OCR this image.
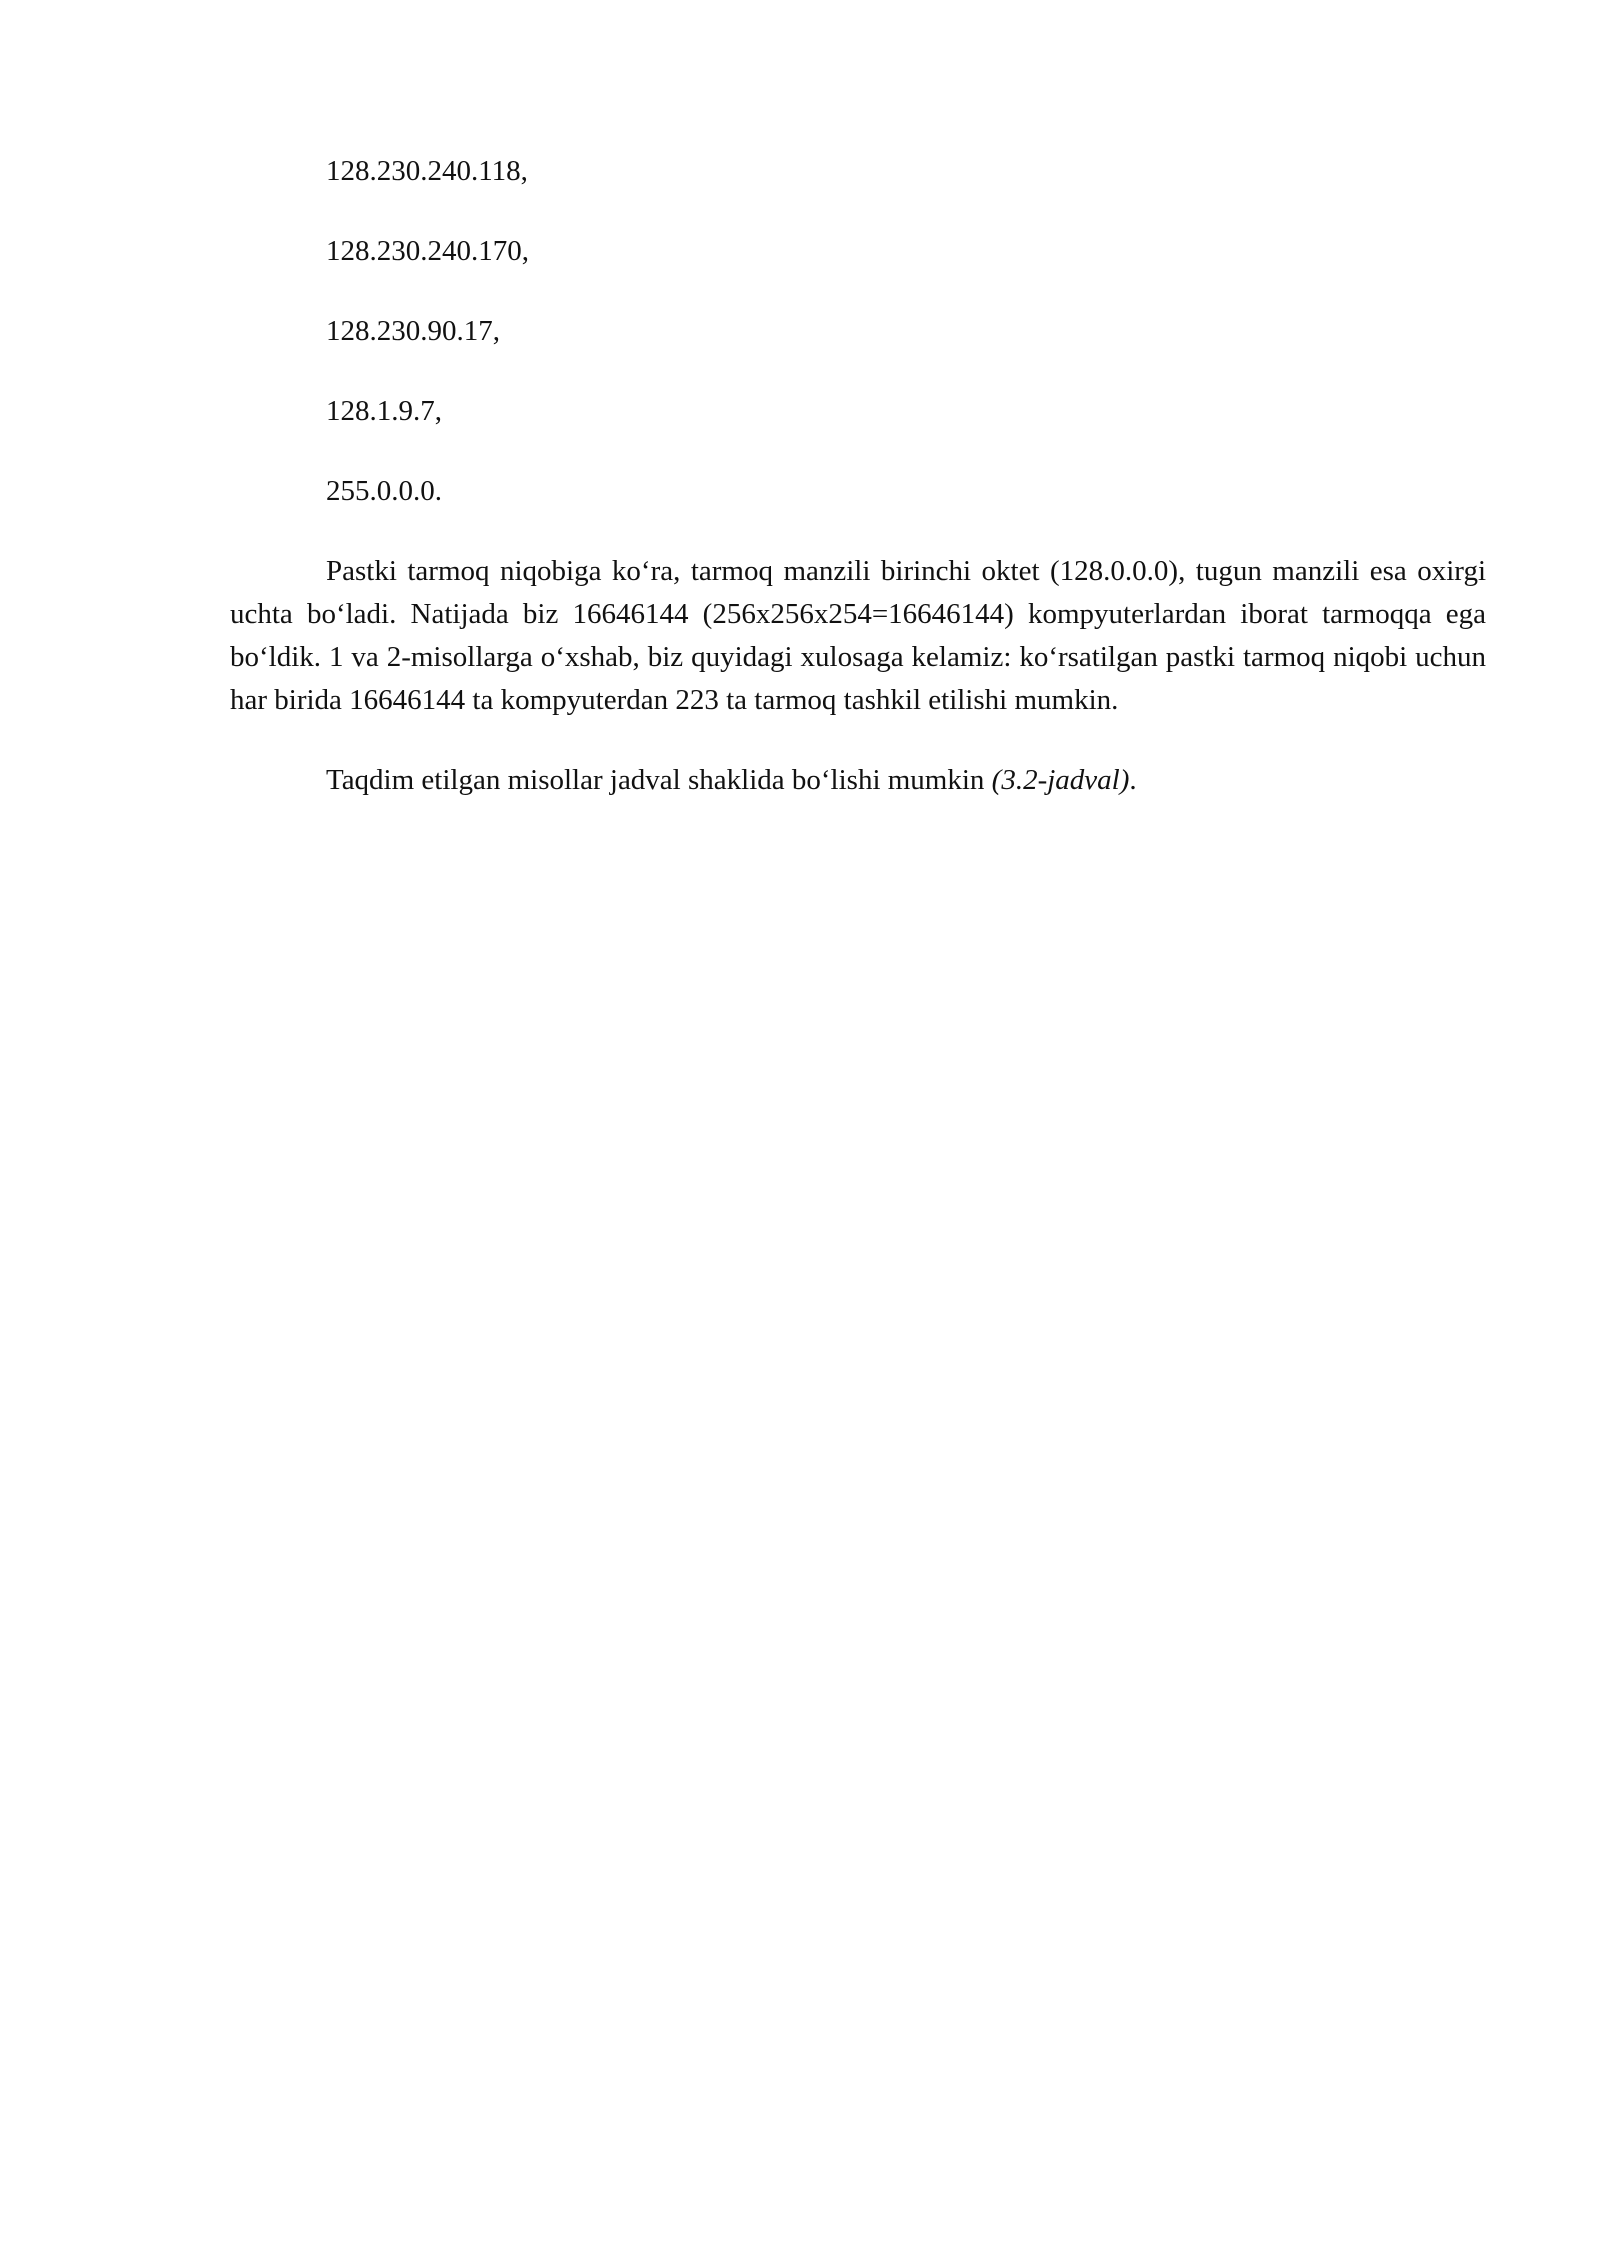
128.230.240.118,
128.230.240.170,
128.230.90.17,
128.1.9.7,
255.0.0.0.

Pastki tarmoq niqobiga ko‘ra, tarmoq manzili birinchi oktet (128.0.0.0), tugun manzili esa oxirgi uchta bo‘ladi. Natijada biz 16646144 (256x256x254=16646144) kompyuterlardan iborat tarmoqqa ega bo‘ldik. 1 va 2-misollarga o‘xshab, biz quyidagi xulosaga kelamiz: ko‘rsatilgan pastki tarmoq niqobi uchun har birida 16646144 ta kompyuterdan 223 ta tarmoq tashkil etilishi mumkin.

Taqdim etilgan misollar jadval shaklida bo‘lishi mumkin (3.2-jadval).
